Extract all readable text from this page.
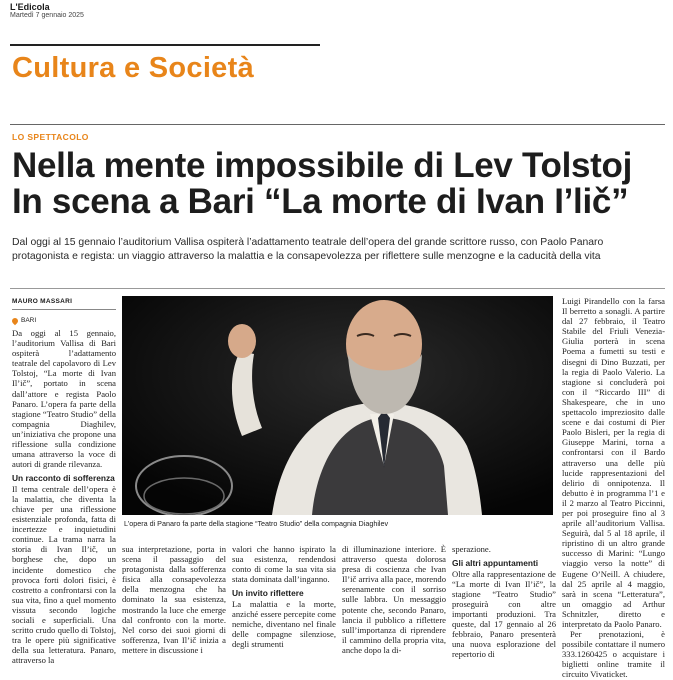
L'Edicola
Martedì 7 gennaio 2025
Cultura e Società
LO SPETTACOLO
Nella mente impossibile di Lev Tolstoj
In scena a Bari “La morte di Ivan I’lič”
Dal oggi al 15 gennaio l’auditorium Vallisa ospiterà l’adattamento teatrale dell’opera del grande scrittore russo, con Paolo Panaro protagonista e regista: un viaggio attraverso la malattia e la consapevolezza per riflettere sulle menzogne e la caducità della vita
MAURO MASSARI
BARI

Da oggi al 15 gennaio, l’auditorium Vallisa di Bari ospiterà l’adattamento teatrale del capolavoro di Lev Tolstoj, “La morte di Ivan Il’ič”, portato in scena dall’attore e regista Paolo Panaro. L’opera fa parte della stagione “Teatro Studio” della compagnia Diaghilev, un’iniziativa che propone una riflessione sulla condizione umana attraverso la voce di autori di grande rilevanza.

Un racconto di sofferenza

Il tema centrale dell’opera è la malattia, che diventa la chiave per una riflessione esistenziale profonda, fatta di incertezze e inquietudini continue. La trama narra la storia di Ivan Il’ič, un borghese che, dopo un incidente domestico che provoca forti dolori fisici, è costretto a confrontarsi con la sua vita, fino a quel momento vissuta secondo logiche sociali e superficiali. Una scritto crudo quello di Tolstoj, tra le opere più significative della sua letteratura. Panaro, attraverso la

L’opera di Panaro fa parte della stagione “Teatro Studio” della compagnia Diaghilev

sua interpretazione, porta in scena il passaggio del protagonista dalla sofferenza fisica alla consapevolezza della menzogna che ha dominato la sua esistenza, mostrando la luce che emerge dal confronto con la morte. Nel corso dei suoi giorni di sofferenza, Ivan Il’ič inizia a mettere in discussione i

valori che hanno ispirato la sua esistenza, rendendosi conto di come la sua vita sia stata dominata dall’inganno.

Un invito riflettere

La malattia e la morte, anziché essere percepite come nemiche, diventano nel finale delle compagne silenziose, degli strumenti

di illuminazione interiore. È attraverso questa dolorosa presa di coscienza che Ivan Il’ič arriva alla pace, morendo serenamente con il sorriso sulle labbra. Un messaggio potente che, secondo Panaro, lancia il pubblico a riflettere sull’importanza di riprendere il cammino della propria vita, anche dopo la di-

sperazione.

Gli altri appuntamenti

Oltre alla rappresentazione de “La morte di Ivan Il’ič”, la stagione “Teatro Studio” proseguirà con altre importanti produzioni. Tra queste, dal 17 gennaio al 26 febbraio, Panaro presenterà una nuova esplorazione del repertorio di

Luigi Pirandello con la farsa Il berretto a sonagli. A partire dal 27 febbraio, il Teatro Stabile del Friuli Venezia-Giulia porterà in scena Poema a fumetti su testi e disegni di Dino Buzzati, per la regia di Paolo Valerio. La stagione si concluderà poi con il “Riccardo III” di Shakespeare, che in uno spettacolo impreziosito dalle scene e dai costumi di Pier Paolo Bisleri, per la regia di Giuseppe Marini, torna a confrontarsi con il Bardo attraverso una delle più lucide rappresentazioni del delirio di onnipotenza. Il debutto è in programma l’1 e il 2 marzo al Teatro Piccinni, per poi proseguire fino al 3 aprile all’auditorium Vallisa. Seguirà, dal 5 al 18 aprile, il ripristino di un altro grande successo di Marini: “Lungo viaggio verso la notte” di Eugene O’Neill. A chiudere, dal 25 aprile al 4 maggio, sarà in scena “Letteratura”, un omaggio ad Arthur Schnitzler, diretto e interpretato da Paolo Panaro.

Per prenotazioni, è possibile contattare il numero 333.1260425 o acquistare i biglietti online tramite il circuito Vivaticket.
